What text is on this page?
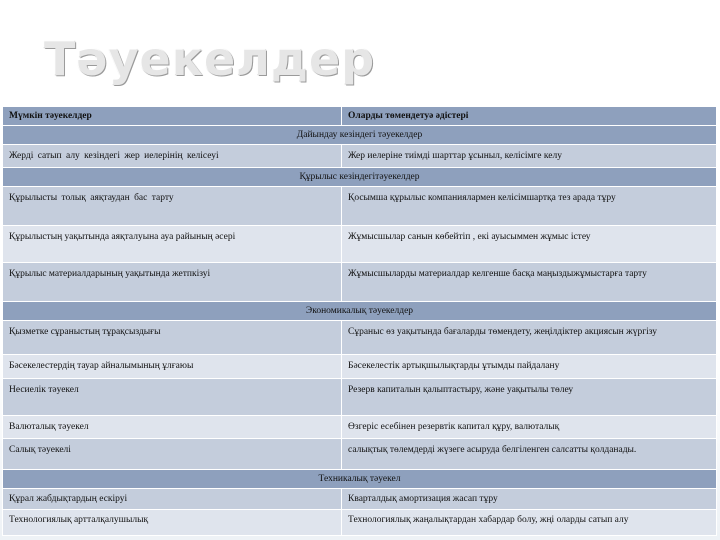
Тәуекелдер
Мүмкін тәуекелдер	Оларды төмендетуә әдістері
Дайындау кезіндегі тәуекелдер	
Жерді сатып алу кезіндегі жер иелерінің келісеуі	Жер иелеріне тиімді шарттар ұсыныл, келісімге келу
Құрылыс кезіндегітәуекелдер	
Құрылысты толық аяқтаудан бас тарту	Қосымша құрылыс компаниялармен келісімшартқа тез арада тұру
Құрылыстың уақытында аяқталуына ауа райының әсері	Жұмысшылар санын көбейтіп , екі ауысыммен жұмыс істеу
Құрылыс материалдарының уақытында жетпкізуі	Жұмысшыларды материалдар келгенше басқа маңыздыжұмыстарға тарту
Экономикалық тәуекелдер	
Қызметке сұраныстың тұрақсыздығы	Сұраныс өз уақытында бағаларды төмендету, жеңілдіктер акциясын жүргізу
Бәсекелестердің тауар айналымының ұлғаюы	Бәсекелестік артықшылықтарды ұтымды пайдалану
Несиелік тәуекел	Резерв капиталын қалыптастыру, және уақытылы төлеу
Валюталық тәуекел	Өзгеріс есебінен резервтік капитал құру, валюталық
Салық тәуекелі	салықтық төлемдерді жүзеге асыруда белгіленген салсатты қолданады.
Техникалық тәуекел	
Құрал жабдықтардың ескіруі	Кварталдық амортизация жасап тұру
Технологиялық артталқалушылық	Технологиялық жаңалықтардан хабардар болу, жңі оларды сатып алу
